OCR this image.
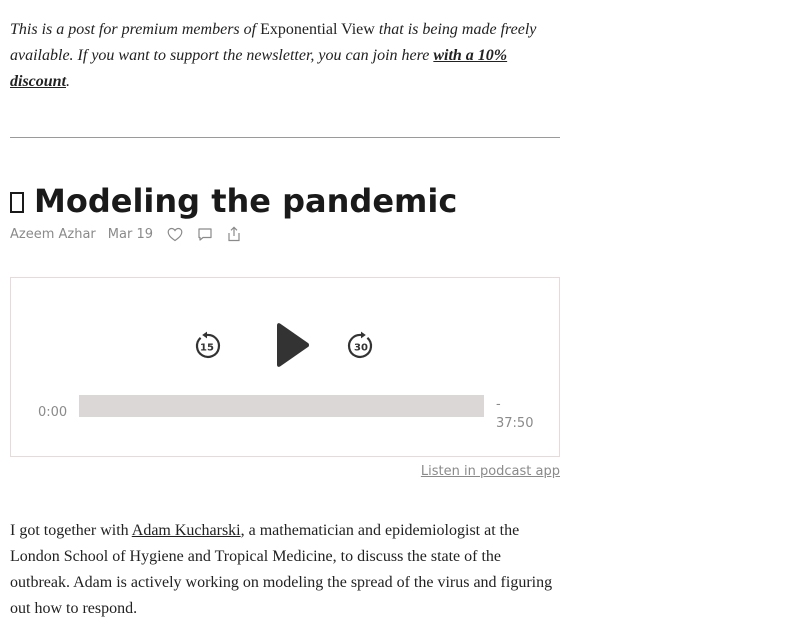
This is a post for premium members of Exponential View that is being made freely available. If you want to support the newsletter, you can join here with a 10% discount.

Modeling the pandemic
Azeem Azhar Mar 19
15	30
0:00
-
37:50
Listen in podcast app

I got together with Adam Kucharski, a mathematician and epidemiologist at the London School of Hygiene and Tropical Medicine, to discuss the state of the outbreak. Adam is actively working on modeling the spread of the virus and figuring out how to respond.
